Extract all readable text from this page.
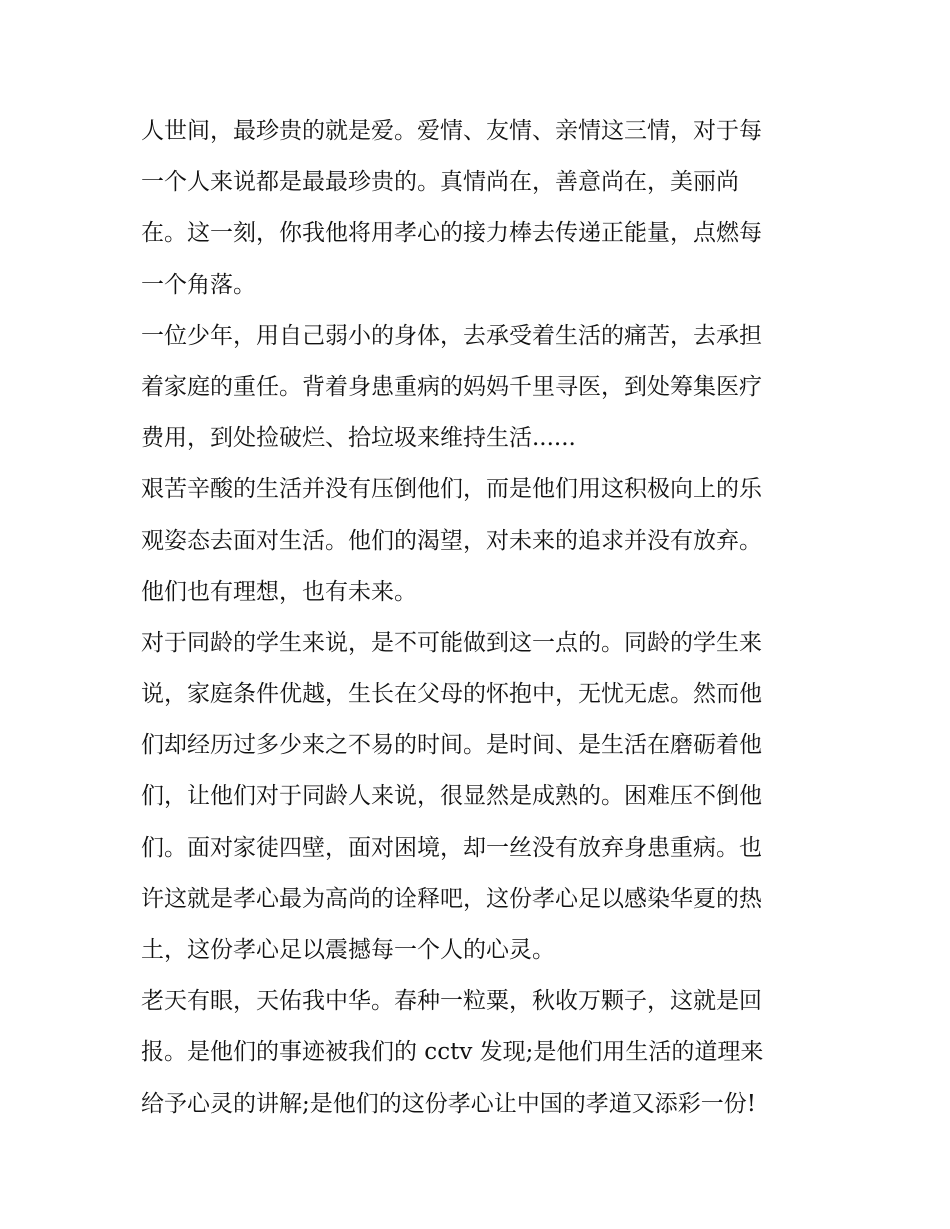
人世间，最珍贵的就是爱。爱情、友情、亲情这三情，对于每
一个人来说都是最最珍贵的。真情尚在，善意尚在，美丽尚
在。这一刻，你我他将用孝心的接力棒去传递正能量，点燃每
一个角落。
一位少年，用自己弱小的身体，去承受着生活的痛苦，去承担
着家庭的重任。背着身患重病的妈妈千里寻医，到处筹集医疗
费用，到处捡破烂、拾垃圾来维持生活......
艰苦辛酸的生活并没有压倒他们，而是他们用这积极向上的乐
观姿态去面对生活。他们的渴望，对未来的追求并没有放弃。
他们也有理想，也有未来。
对于同龄的学生来说，是不可能做到这一点的。同龄的学生来
说，家庭条件优越，生长在父母的怀抱中，无忧无虑。然而他
们却经历过多少来之不易的时间。是时间、是生活在磨砺着他
们，让他们对于同龄人来说，很显然是成熟的。困难压不倒他
们。面对家徒四壁，面对困境，却一丝没有放弃身患重病。也
许这就是孝心最为高尚的诠释吧，这份孝心足以感染华夏的热
土，这份孝心足以震撼每一个人的心灵。
老天有眼，天佑我中华。春种一粒粟，秋收万颗子，这就是回
报。是他们的事迹被我们的 cctv 发现;是他们用生活的道理来
给予心灵的讲解;是他们的这份孝心让中国的孝道又添彩一份!
